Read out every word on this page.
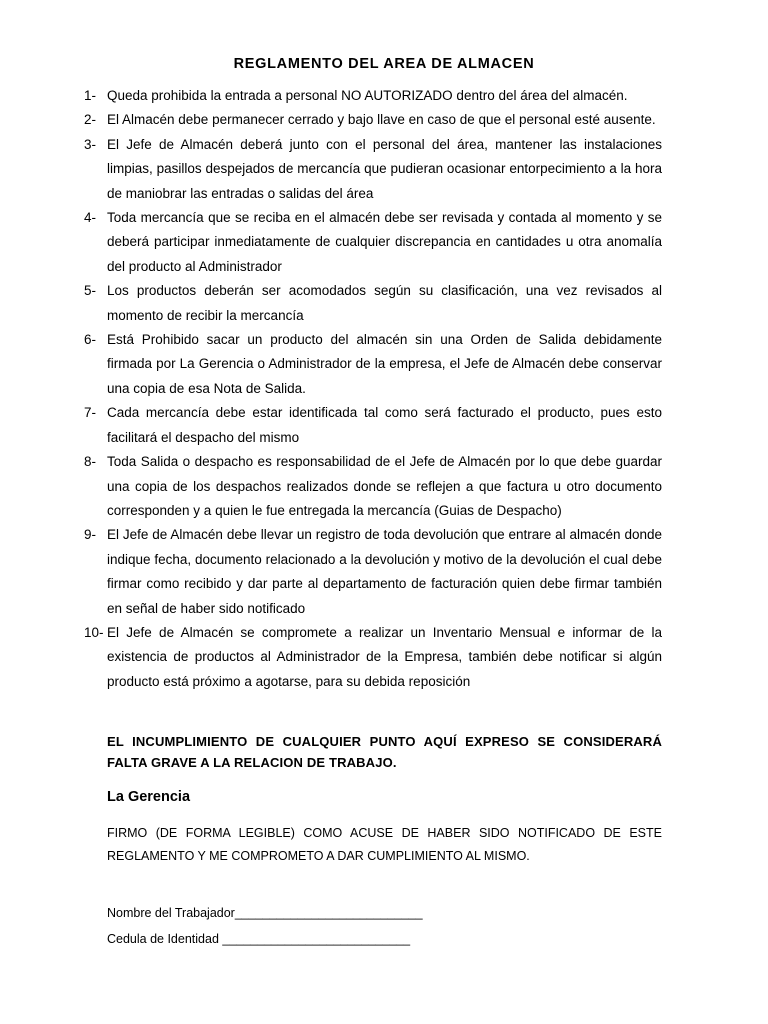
REGLAMENTO DEL AREA DE ALMACEN
1- Queda prohibida la entrada a personal NO AUTORIZADO dentro del área del almacén.
2- El Almacén debe permanecer cerrado y bajo llave en caso de que el personal esté ausente.
3- El Jefe de Almacén deberá junto con el personal del área, mantener las instalaciones limpias, pasillos despejados de mercancía que pudieran ocasionar entorpecimiento a la hora de maniobrar las entradas o salidas del área
4- Toda mercancía que se reciba en el almacén debe ser revisada y contada al momento y se deberá participar inmediatamente de cualquier discrepancia en cantidades u otra anomalía del producto al Administrador
5- Los productos deberán ser acomodados según su clasificación, una vez revisados al momento de recibir la mercancía
6- Está Prohibido sacar un producto del almacén sin una Orden de Salida debidamente firmada por La Gerencia o Administrador de la empresa, el Jefe de Almacén debe conservar una copia de esa Nota de Salida.
7- Cada mercancía debe estar identificada tal como será facturado el producto, pues esto facilitará el despacho del mismo
8- Toda Salida o despacho es responsabilidad de el Jefe de Almacén por lo que debe guardar una copia de los despachos realizados donde se reflejen a que factura u otro documento corresponden y a quien le fue entregada la mercancía (Guias de Despacho)
9- El Jefe de Almacén debe llevar un registro de toda devolución que entrare al almacén donde indique fecha, documento relacionado a la devolución y motivo de la devolución el cual debe firmar como recibido y dar parte al departamento de facturación quien debe firmar también en señal de haber sido notificado
10- El Jefe de Almacén se compromete a realizar un Inventario Mensual e informar de la existencia de productos al Administrador de la Empresa, también debe notificar si algún producto está próximo a agotarse, para su debida reposición
EL INCUMPLIMIENTO DE CUALQUIER PUNTO AQUÍ EXPRESO SE CONSIDERARÁ FALTA GRAVE A LA RELACION DE TRABAJO.
La Gerencia
FIRMO (DE FORMA LEGIBLE) COMO ACUSE DE HABER SIDO NOTIFICADO DE ESTE REGLAMENTO Y ME COMPROMETO A DAR CUMPLIMIENTO AL MISMO.
Nombre del Trabajador___________________________
Cedula de Identidad ___________________________
